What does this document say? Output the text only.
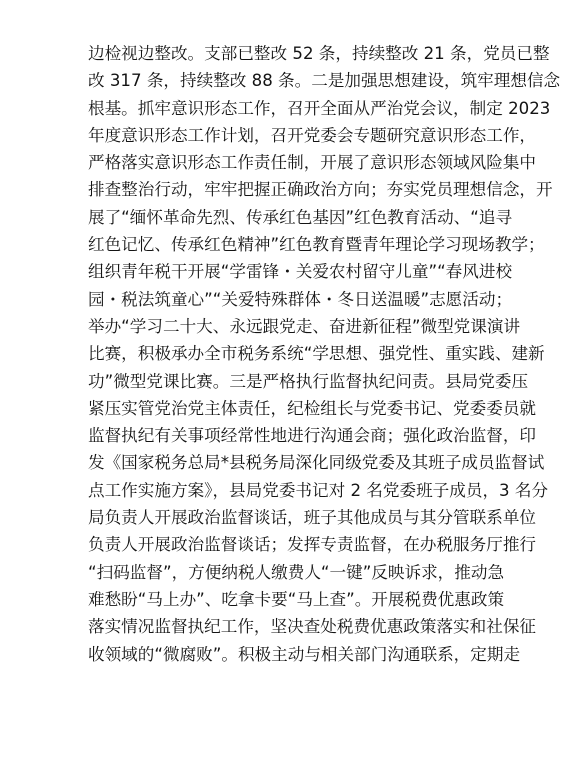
边检视边整改。支部已整改 52 条，持续整改 21 条，党员已整
改 317 条，持续整改 88 条。二是加强思想建设，筑牢理想信念
根基。抓牢意识形态工作，召开全面从严治党会议，制定 2023
年度意识形态工作计划，召开党委会专题研究意识形态工作，
严格落实意识形态工作责任制，开展了意识形态领域风险集中
排查整治行动，牢牢把握正确政治方向；夯实党员理想信念，开
展了“缅怀革命先烈、传承红色基因”红色教育活动、“追寻
红色记忆、传承红色精神”红色教育暨青年理论学习现场教学；
组织青年税干开展“学雷锋・关爱农村留守儿童”“春风进校
园・税法筑童心”“关爱特殊群体・冬日送温暖”志愿活动；
举办“学习二十大、永远跟党走、奋进新征程”微型党课演讲
比赛，积极承办全市税务系统“学思想、强党性、重实践、建新
功”微型党课比赛。三是严格执行监督执纪问责。县局党委压
紧压实管党治党主体责任，纪检组长与党委书记、党委委员就
监督执纪有关事项经常性地进行沟通会商；强化政治监督，印
发《国家税务总局*县税务局深化同级党委及其班子成员监督试
点工作实施方案》，县局党委书记对 2 名党委班子成员，3 名分
局负责人开展政治监督谈话，班子其他成员与其分管联系单位
负责人开展政治监督谈话；发挥专责监督，在办税服务厅推行
“扫码监督”，方便纳税人缴费人“一键”反映诉求，推动急
难愁盼“马上办”、吃拿卡要“马上查”。开展税费优惠政策
落实情况监督执纪工作，坚决查处税费优惠政策落实和社保征
收领域的“微腐败”。积极主动与相关部门沟通联系，定期走
